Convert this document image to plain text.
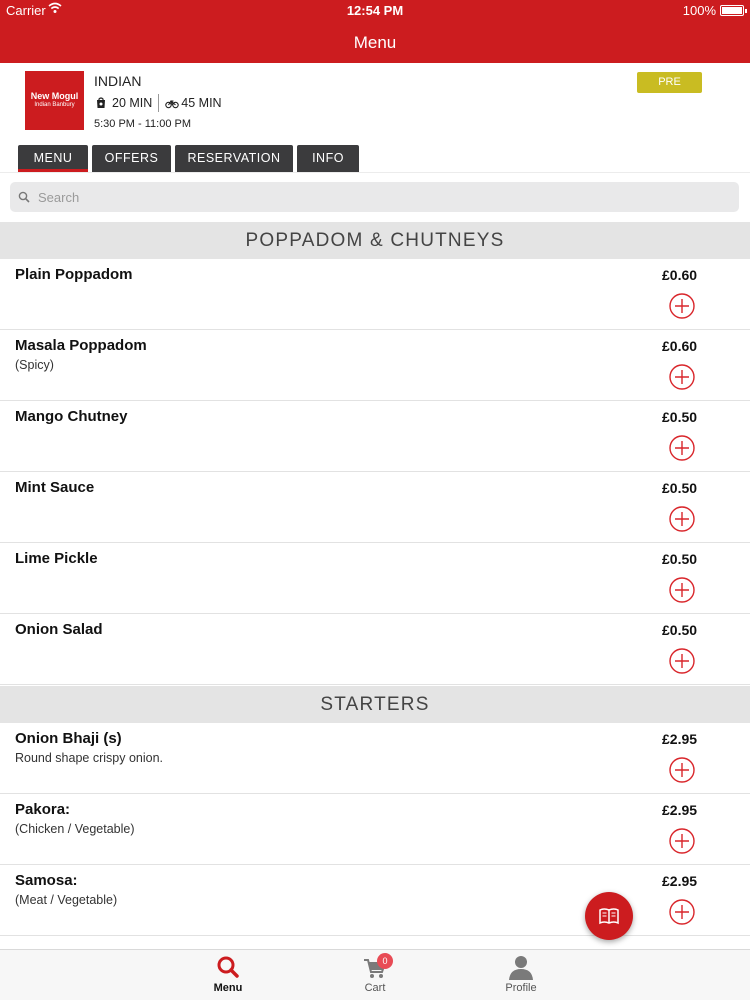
Carrier	12:54 PM	100%
Menu
New Mogul
Indian Banbury
INDIAN
20 MIN 45 MIN
5:30 PM - 11:00 PM
PRE ORDER
MENU	OFFERS	RESERVATION	INFO
Search
POPPADOM & CHUTNEYS
Plain Poppadom	£0.60
Masala Poppadom
(Spicy)
£0.60
Mango Chutney	£0.50
Mint Sauce	£0.50
Lime Pickle	£0.50
Onion Salad	£0.50
STARTERS
Onion Bhaji (s)
Round shape crispy onion.
£2.95
Pakora:
(Chicken / Vegetable)
£2.95
Samosa:
(Meat / Vegetable)
£2.95
Menu
0
Cart	Profile
